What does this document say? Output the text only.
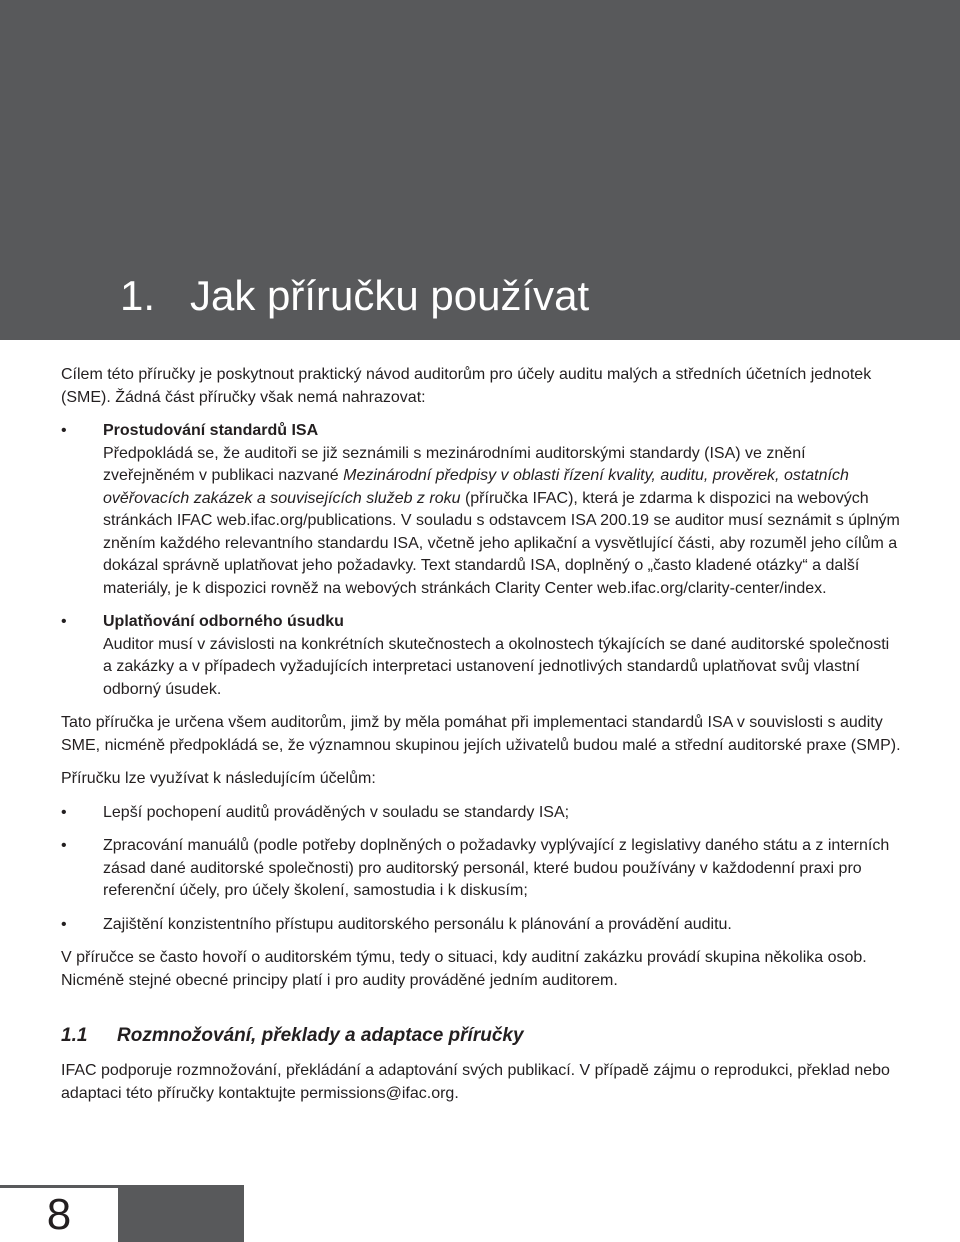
1. Jak příručku používat

Cílem této příručky je poskytnout praktický návod auditorům pro účely auditu malých a středních účetních jednotek (SME). Žádná část příručky však nemá nahrazovat:

• Prostudování standardů ISA
Předpokládá se, že auditoři se již seznámili s mezinárodními auditorskými standardy (ISA) ve znění zveřejněném v publikaci nazvané Mezinárodní předpisy v oblasti řízení kvality, auditu, prověrek, ostatních ověřovacích zakázek a souvisejících služeb z roku (příručka IFAC), která je zdarma k dispozici na webových stránkách IFAC web.ifac.org/publications. V souladu s odstavcem ISA 200.19 se auditor musí seznámit s úplným zněním každého relevantního standardu ISA, včetně jeho aplikační a vysvětlující části, aby rozuměl jeho cílům a dokázal správně uplatňovat jeho požadavky. Text standardů ISA, doplněný o „často kladené otázky“ a další materiály, je k dispozici rovněž na webových stránkách Clarity Center web.ifac.org/clarity-center/index.
• Uplatňování odborného úsudku
Auditor musí v závislosti na konkrétních skutečnostech a okolnostech týkajících se dané auditorské společnosti a zakázky a v případech vyžadujících interpretaci ustanovení jednotlivých standardů uplatňovat svůj vlastní odborný úsudek.

Tato příručka je určena všem auditorům, jimž by měla pomáhat při implementaci standardů ISA v souvislosti s audity SME, nicméně předpokládá se, že významnou skupinou jejích uživatelů budou malé a střední auditorské praxe (SMP).

Příručku lze využívat k následujícím účelům:

• Lepší pochopení auditů prováděných v souladu se standardy ISA;
• Zpracování manuálů (podle potřeby doplněných o požadavky vyplývající z legislativy daného státu a z interních zásad dané auditorské společnosti) pro auditorský personál, které budou používány v každodenní praxi pro referenční účely, pro účely školení, samostudia i k diskusím;
• Zajištění konzistentního přístupu auditorského personálu k plánování a provádění auditu.

V příručce se často hovoří o auditorském týmu, tedy o situaci, kdy auditní zakázku provádí skupina několika osob. Nicméně stejné obecné principy platí i pro audity prováděné jedním auditorem.

1.1 Rozmnožování, překlady a adaptace příručky

IFAC podporuje rozmnožování, překládání a adaptování svých publikací. V případě zájmu o reprodukci, překlad nebo adaptaci této příručky kontaktujte permissions@ifac.org.

8
